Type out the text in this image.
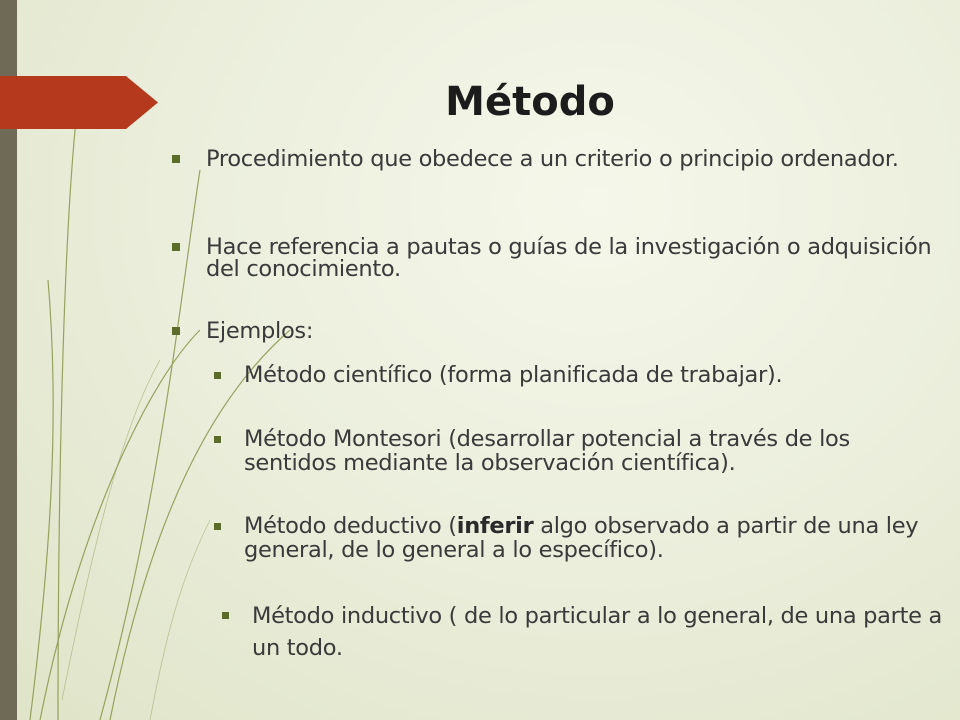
Método
Procedimiento que obedece a un criterio o principio ordenador.
Hace referencia a pautas o guías de la investigación o adquisición del conocimiento.
Ejemplos:
Método científico (forma planificada de trabajar).
Método Montesori (desarrollar potencial a través de los sentidos mediante la observación científica).
Método deductivo (inferir algo observado a partir de una ley general, de lo general a lo específico).
Método inductivo ( de lo particular a lo general, de una parte a un todo.
